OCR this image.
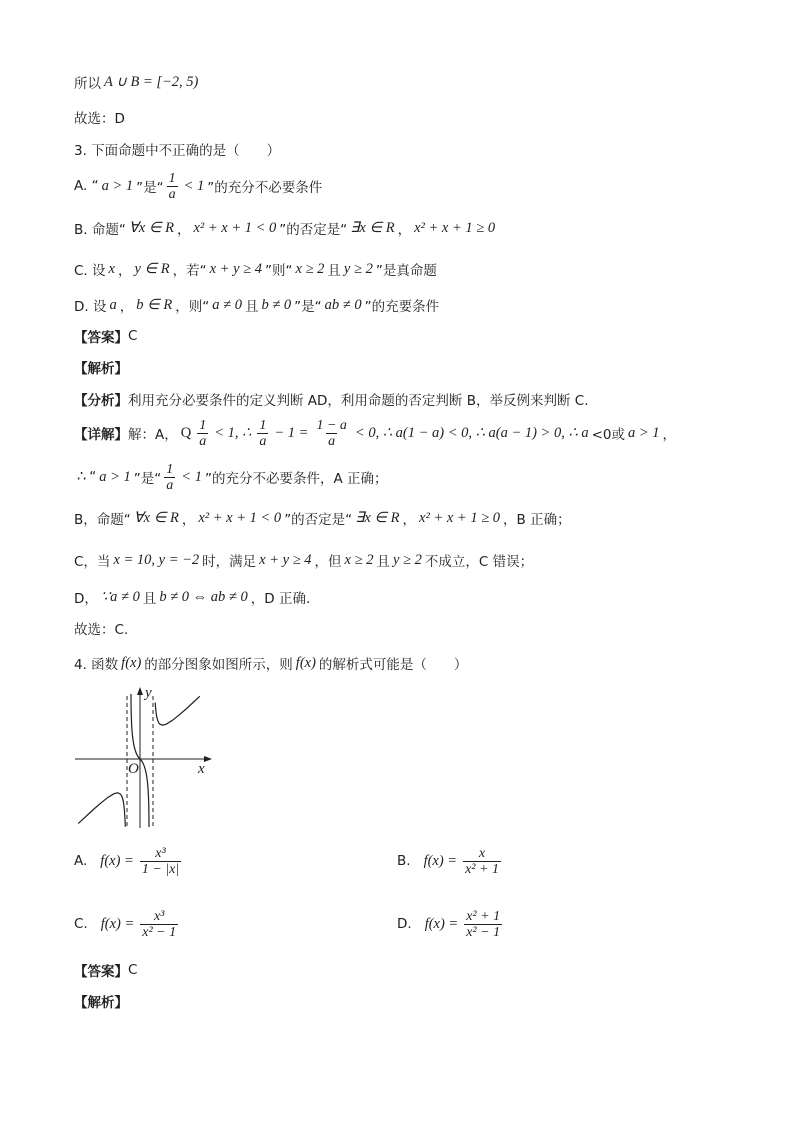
所以 A ∪ B = [−2, 5)
故选：D
3. 下面命题中不正确的是（　　）
A. “ a > 1 ”是“ $\frac{1}{a} < 1$ ”的充分不必要条件
B. 命题“ ∀x ∈ R ， x² + x + 1 < 0 ”的否定是“ ∃x ∈ R ， x² + x + 1 ≥ 0
C. 设 x ， y ∈ R ，若“ x + y ≥ 4 ”则“ x ≥ 2 且 y ≥ 2 ”是真命题
D. 设 a ， b ∈ R ，则“ a ≠ 0 且 b ≠ 0 ”是“ ab ≠ 0 ”的充要条件
【答案】 C
【解析】
【分析】 利用充分必要条件的定义判断 AD，利用命题的否定判断 B，举反例来判断 C.
【详解】 解：A， Q $\frac{1}{a} < 1$, ∴ $\frac{1}{a} - 1 = \frac{1 - a}{a} < 0$, ∴ a(1 − a) < 0, ∴ a(a − 1) > 0, ∴ a <0或 a > 1 ，
∴ “ a > 1 ”是“ $\frac{1}{a} < 1$ ”的充分不必要条件，A 正确；
B，命题“ ∀x ∈ R ， x² + x + 1 < 0 ”的否定是“ ∃x ∈ R ， x² + x + 1 ≥ 0 ，B 正确；
C，当 x = 10, y = −2 时，满足 x + y ≥ 4 ，但 x ≥ 2 且 y ≥ 2 不成立，C 错误；
D， ∵a ≠ 0 且 b ≠ 0 ⇔ ab ≠ 0 ，D 正确.
故选：C.
4. 函数 f(x) 的部分图象如图所示，则 f(x) 的解析式可能是（　　）
y
O	x
A. $f(x) = \frac{\text{x³}}{1 - |x|}$	B. $f(x) = \frac{x}{\text{x² + 1}}$
C. $f(x) = \frac{\text{x³}}{\text{x² − 1}}$	D. $f(x) = \frac{\text{x² + 1}}{\text{x² − 1}}$
【答案】 C
【解析】
